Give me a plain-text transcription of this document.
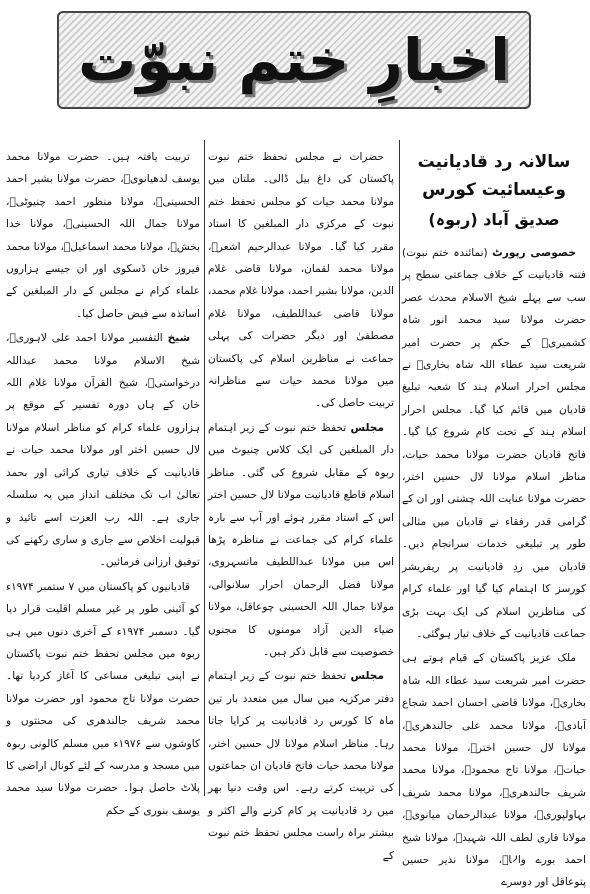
اخبارِ ختم نبوّت
سالانہ رد قادیانیت وعیسائیت کورس
صدیق آباد (ربوہ)

خصوصی رپورٹ (نمائندہ ختم نبوت) فتنہ قادیانیت کے خلاف جماعتی سطح پر سب سے پہلے شیخ الاسلام محدث عصر حضرت مولانا سید محمد انور شاہ کشمیریؒ کے حکم پر حضرت امیر شریعت سید عطاء اللہ شاہ بخاریؒ نے مجلس احرار اسلام ہند کا شعبہ تبلیغ قادیان میں قائم کیا گیا۔ مجلس احرار اسلام ہند کے تحت کام شروع کیا گیا۔ فاتح قادیان حضرت مولانا محمد حیات، مناظر اسلام مولانا لال حسین اختر، حضرت مولانا عنایت اللہ چشتی اور ان کے گرامی قدر رفقاء نے قادیان میں مثالی طور پر تبلیغی خدمات سرانجام دیں۔ قادیان میں ردِ قادیانیت پر ریفریشر کورسز کا اہتمام کیا گیا اور علماء کرام کی مناظرین اسلام کی ایک بہت بڑی جماعت قادیانیت کے خلاف تیار ہوگئی۔

ملک عزیز پاکستان کے قیام ہوتے ہی حضرت امیر شریعت سید عطاء اللہ شاہ بخاریؒ، مولانا قاضی احسان احمد شجاع آبادیؒ، مولانا محمد علی جالندھریؒ، مولانا لال حسین اخترؒ، مولانا محمد حیاتؒ، مولانا تاج محمودؒ، مولانا محمد شریف جالندھریؒ، مولانا محمد شریف بہاولپوریؒ، مولانا عبدالرحمان میانویؒ، مولانا قاری لطف اللہ شہیدؒ، مولانا شیخ احمد بورے والاؒ، مولانا نذیر حسین پتوعاقل اور دوسرے

حضرات نے مجلس تحفظ ختم نبوت پاکستان کی داغ بیل ڈالی۔ ملتان میں مولانا محمد حیات کو مجلس تحفظ ختم نبوت کے مرکزی دار المبلغین کا استاد مقرر کیا گیا۔ مولانا عبدالرحیم اشعرؒ، مولانا محمد لقمان، مولانا قاضی غلام الدین، مولانا بشیر احمد، مولانا غلام محمد، مولانا قاضی عبداللطیف، مولانا غلام مصطفیٰ اور دیگر حضرات کی پہلی جماعت نے مناظرین اسلام کی پاکستان میں مولانا محمد حیات سے مناظرانہ تربیت حاصل کی۔

مجلس تحفظ ختم نبوت کے زیر اہتمام دار المبلغین کی ایک کلاس چنیوٹ میں ربوہ کے مقابل شروع کی گئی۔ مناظر اسلام قاطع قادیانیت مولانا لال حسین اختر اس کے استاد مقرر ہوئے اور آپ سے بارہ علماء کرام کی جماعت نے مناظرہ پڑھا اس میں مولانا عبداللطیف مانسہروی، مولانا فضل الرحمان احرار سلانوالی، مولانا جمال اللہ الحسینی چوعاقل، مولانا ضیاء الدین آزاد مومنوں کا مجنوں خصوصیت سے قابل ذکر ہیں۔

مجلس تحفظ ختم نبوت کے زیر اہتمام دفتر مرکزیہ میں سال میں متعدد بار تین ماہ کا کورس رد قادیانیت پر کرایا جاتا رہا۔ مناظر اسلام مولانا لال حسین اختر، مولانا محمد حیات فاتح قادیان ان جماعتوں کی تربیت کرتے رہے۔ اس وقت دنیا بھر میں رد قادیانیت پر کام کرنے والے اکثر و بیشتر براہ راست مجلس تحفظ ختم نبوت کے

تربیت یافتہ ہیں۔ حضرت مولانا محمد یوسف لدھیانویؒ، حضرت مولانا بشیر احمد الحسینیؒ، مولانا منظور احمد چنیوٹیؒ، مولانا جمال اللہ الحسینیؒ، مولانا خدا بخشؒ، مولانا محمد اسماعیلؒ، مولانا محمد فیروز خان ڈسکوی اور ان جیسے ہزاروں علماء کرام نے مجلس کے دار المبلغین کے اساتذہ سے فیض حاصل کیا۔

شیخ التفسیر مولانا احمد علی لاہوریؒ، شیخ الاسلام مولانا محمد عبداللہ درخواستیؒ، شیخ القرآن مولانا غلام اللہ خان کے ہاں دورہ تفسیر کے موقع پر ہزاروں علماء کرام کو مناظر اسلام مولانا لال حسین اختر اور مولانا محمد حیات نے قادیانیت کے خلاف تیاری کرائی اور بحمد تعالیٰ اب تک مختلف انداز میں یہ سلسلہ جاری ہے۔ اللہ رب العزت اسے تائید و قبولیت اخلاص سے جاری و ساری رکھنے کی توفیق ارزانی فرمائیں۔

قادیانیوں کو پاکستان میں ۷ ستمبر ۱۹۷۴ء کو آئینی طور پر غیر مسلم اقلیت قرار دیا گیا۔ دسمبر ۱۹۷۴ء کے آخری دنوں میں ہی ربوہ میں مجلس تحفظ ختم نبوت پاکستان نے اپنی تبلیغی مساعی کا آغاز کردیا تھا۔ حضرت مولانا تاج محمود اور حضرت مولانا محمد شریف جالندھری کی محنتوں و کاوشوں سے ۱۹۷۶ء میں مسلم کالونی ربوہ میں مسجد و مدرسہ کے لئے کونال اراضی کا پلاٹ حاصل ہوا۔ حضرت مولانا سید محمد یوسف بنوری کے حکم
